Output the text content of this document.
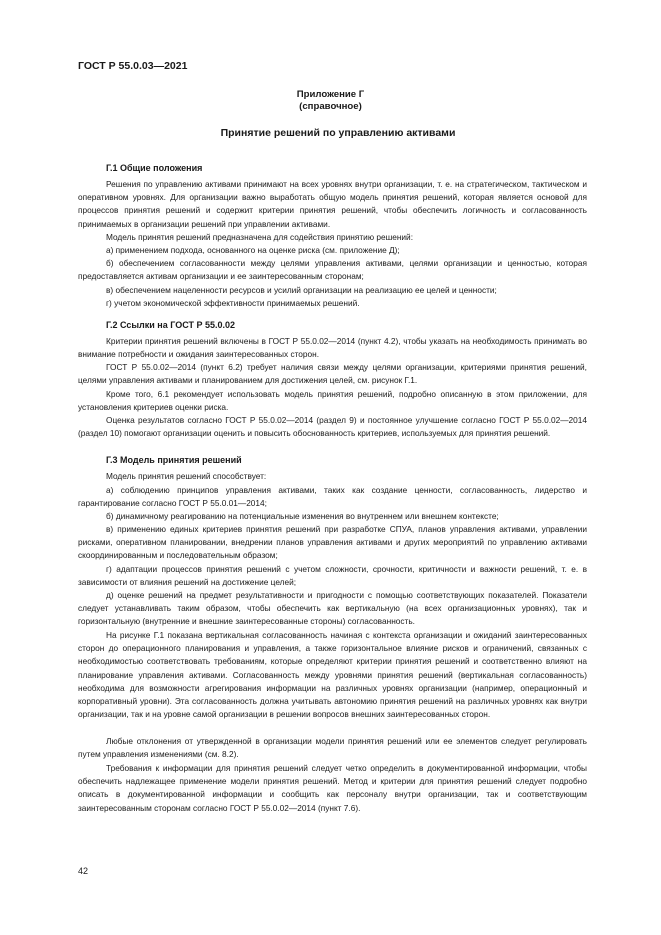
ГОСТ Р 55.0.03—2021
Приложение Г
(справочное)
Принятие решений по управлению активами
Г.1 Общие положения

Решения по управлению активами принимают на всех уровнях внутри организации, т. е. на стратегическом, тактическом и оперативном уровнях. Для организации важно выработать общую модель принятия решений, которая является основой для процессов принятия решений и содержит критерии принятия решений, чтобы обеспечить логичность и согласованность принимаемых в организации решений при управлении активами.

Модель принятия решений предназначена для содействия принятию решений:

а) применением подхода, основанного на оценке риска (см. приложение Д);

б) обеспечением согласованности между целями управления активами, целями организации и ценностью, которая предоставляется активам организации и ее заинтересованным сторонам;

в) обеспечением нацеленности ресурсов и усилий организации на реализацию ее целей и ценности;

г) учетом экономической эффективности принимаемых решений.

Г.2 Ссылки на ГОСТ Р 55.0.02

Критерии принятия решений включены в ГОСТ Р 55.0.02—2014 (пункт 4.2), чтобы указать на необходимость принимать во внимание потребности и ожидания заинтересованных сторон.

ГОСТ Р 55.0.02—2014 (пункт 6.2) требует наличия связи между целями организации, критериями принятия решений, целями управления активами и планированием для достижения целей, см. рисунок Г.1.

Кроме того, 6.1 рекомендует использовать модель принятия решений, подробно описанную в этом приложении, для установления критериев оценки риска.

Оценка результатов согласно ГОСТ Р 55.0.02—2014 (раздел 9) и постоянное улучшение согласно ГОСТ Р 55.0.02—2014 (раздел 10) помогают организации оценить и повысить обоснованность критериев, используемых для принятия решений.

Г.3 Модель принятия решений

Модель принятия решений способствует:

а) соблюдению принципов управления активами, таких как создание ценности, согласованность, лидерство и гарантирование согласно ГОСТ Р 55.0.01—2014;

б) динамичному реагированию на потенциальные изменения во внутреннем или внешнем контексте;

в) применению единых критериев принятия решений при разработке СПУА, планов управления активами, управлении рисками, оперативном планировании, внедрении планов управления активами и других мероприятий по управлению активами скоординированным и последовательным образом;

г) адаптации процессов принятия решений с учетом сложности, срочности, критичности и важности решений, т. е. в зависимости от влияния решений на достижение целей;

д) оценке решений на предмет результативности и пригодности с помощью соответствующих показателей. Показатели следует устанавливать таким образом, чтобы обеспечить как вертикальную (на всех организационных уровнях), так и горизонтальную (внутренние и внешние заинтересованные стороны) согласованность.

На рисунке Г.1 показана вертикальная согласованность начиная с контекста организации и ожиданий заинтересованных сторон до операционного планирования и управления, а также горизонтальное влияние рисков и ограничений, связанных с необходимостью соответствовать требованиям, которые определяют критерии принятия решений и соответственно влияют на планирование управления активами. Согласованность между уровнями принятия решений (вертикальная согласованность) необходима для возможности агрегирования информации на различных уровнях организации (например, операционный и корпоративный уровни). Эта согласованность должна учитывать автономию принятия решений на различных уровнях как внутри организации, так и на уровне самой организации в решении вопросов внешних заинтересованных сторон.

Любые отклонения от утвержденной в организации модели принятия решений или ее элементов следует регулировать путем управления изменениями (см. 8.2).

Требования к информации для принятия решений следует четко определить в документированной информации, чтобы обеспечить надлежащее применение модели принятия решений. Метод и критерии для принятия решений следует подробно описать в документированной информации и сообщить как персоналу внутри организации, так и соответствующим заинтересованным сторонам согласно ГОСТ Р 55.0.02—2014 (пункт 7.6).

42
